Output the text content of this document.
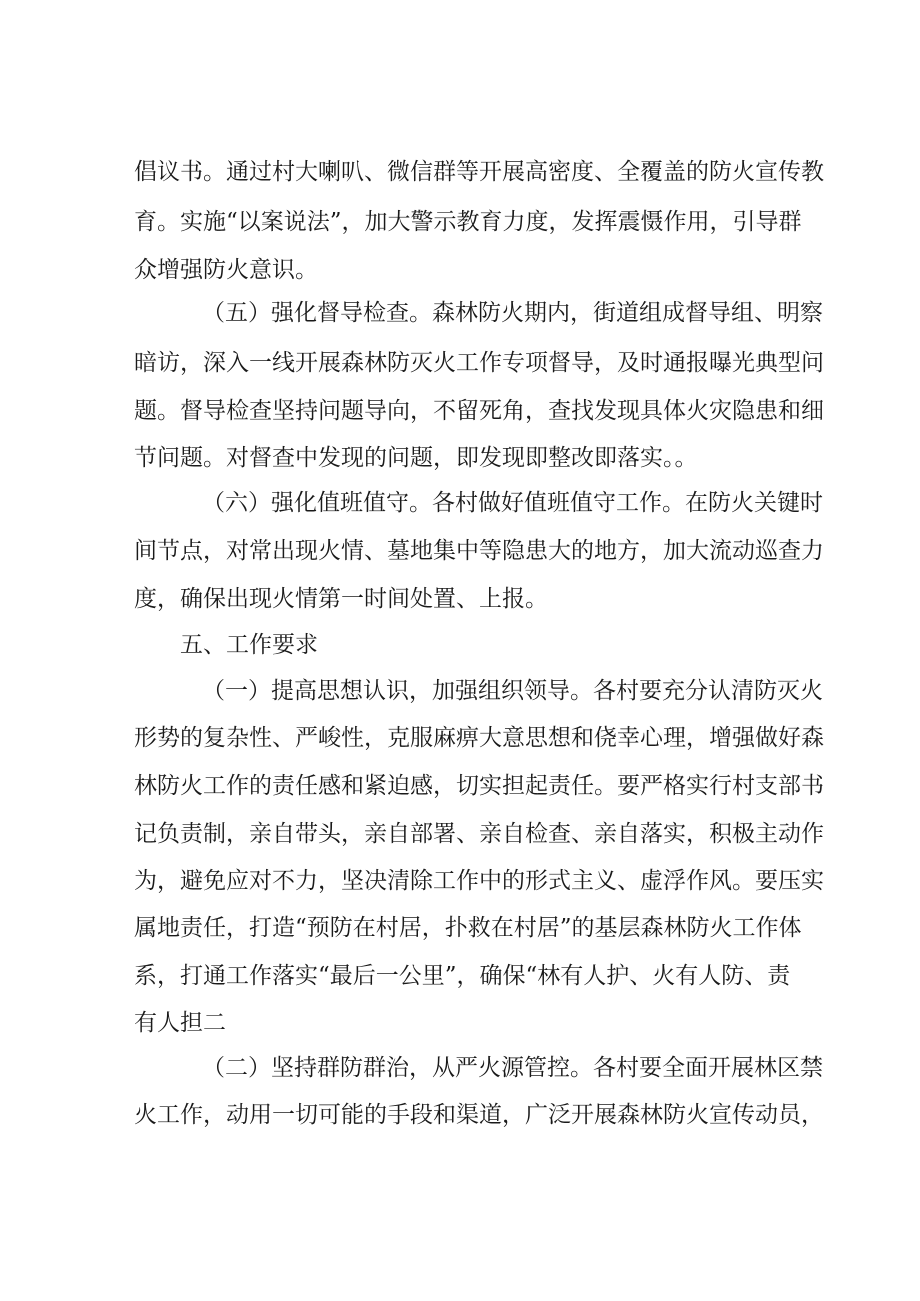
倡议书。通过村大喇叭、微信群等开展高密度、全覆盖的防火宣传教
育。实施“以案说法”，加大警示教育力度，发挥震慑作用，引导群
众增强防火意识。
（五）强化督导检查。森林防火期内，街道组成督导组、明察
暗访，深入一线开展森林防灭火工作专项督导，及时通报曝光典型问
题。督导检查坚持问题导向，不留死角，查找发现具体火灾隐患和细
节问题。对督查中发现的问题，即发现即整改即落实。。
（六）强化值班值守。各村做好值班值守工作。在防火关键时
间节点，对常出现火情、墓地集中等隐患大的地方，加大流动巡查力
度，确保出现火情第一时间处置、上报。
五、工作要求
（一）提高思想认识，加强组织领导。各村要充分认清防灭火
形势的复杂性、严峻性，克服麻痹大意思想和侥幸心理，增强做好森
林防火工作的责任感和紧迫感，切实担起责任。要严格实行村支部书
记负责制，亲自带头，亲自部署、亲自检查、亲自落实，积极主动作
为，避免应对不力，坚决清除工作中的形式主义、虚浮作风。要压实
属地责任，打造“预防在村居，扑救在村居”的基层森林防火工作体
系，打通工作落实“最后一公里”，确保“林有人护、火有人防、责
有人担二
（二）坚持群防群治，从严火源管控。各村要全面开展林区禁
火工作，动用一切可能的手段和渠道，广泛开展森林防火宣传动员，
